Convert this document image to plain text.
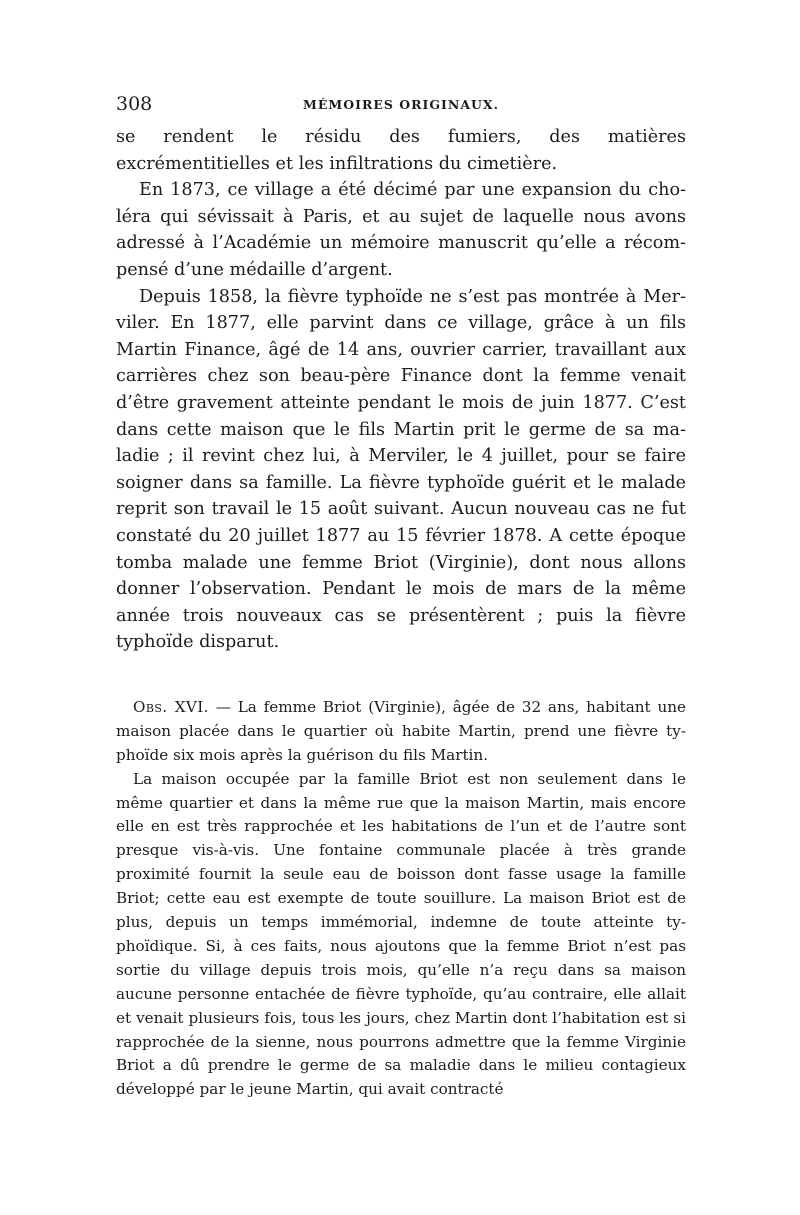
308	MÉMOIRES ORIGINAUX.

se rendent le résidu des fumiers, des matières excrémentitielles et les infiltrations du cimetière.

En 1873, ce village a été décimé par une expansion du choléra qui sévissait à Paris, et au sujet de laquelle nous avons adressé à l’Académie un mémoire manuscrit qu’elle a récompensé d’une médaille d’argent.

Depuis 1858, la fièvre typhoïde ne s’est pas montrée à Merviler. En 1877, elle parvint dans ce village, grâce à un fils Martin Finance, âgé de 14 ans, ouvrier carrier, travaillant aux carrières chez son beau-père Finance dont la femme venait d’être gravement atteinte pendant le mois de juin 1877. C’est dans cette maison que le fils Martin prit le germe de sa maladie ; il revint chez lui, à Merviler, le 4 juillet, pour se faire soigner dans sa famille. La fièvre typhoïde guérit et le malade reprit son travail le 15 août suivant. Aucun nouveau cas ne fut constaté du 20 juillet 1877 au 15 février 1878. A cette époque tomba malade une femme Briot (Virginie), dont nous allons donner l’observation. Pendant le mois de mars de la même année trois nouveaux cas se présentèrent ; puis la fièvre typhoïde disparut.

Obs. XVI. — La femme Briot (Virginie), âgée de 32 ans, habitant une maison placée dans le quartier où habite Martin, prend une fièvre typhoïde six mois après la guérison du fils Martin.

La maison occupée par la famille Briot est non seulement dans le même quartier et dans la même rue que la maison Martin, mais encore elle en est très rapprochée et les habitations de l’un et de l’autre sont presque vis-à-vis. Une fontaine communale placée à très grande proximité fournit la seule eau de boisson dont fasse usage la famille Briot; cette eau est exempte de toute souillure. La maison Briot est de plus, depuis un temps immémorial, indemne de toute atteinte typhoïdique. Si, à ces faits, nous ajoutons que la femme Briot n’est pas sortie du village depuis trois mois, qu’elle n’a reçu dans sa maison aucune personne entachée de fièvre typhoïde, qu’au contraire, elle allait et venait plusieurs fois, tous les jours, chez Martin dont l’habitation est si rapprochée de la sienne, nous pourrons admettre que la femme Virginie Briot a dû prendre le germe de sa maladie dans le milieu contagieux développé par le jeune Martin, qui avait contracté
